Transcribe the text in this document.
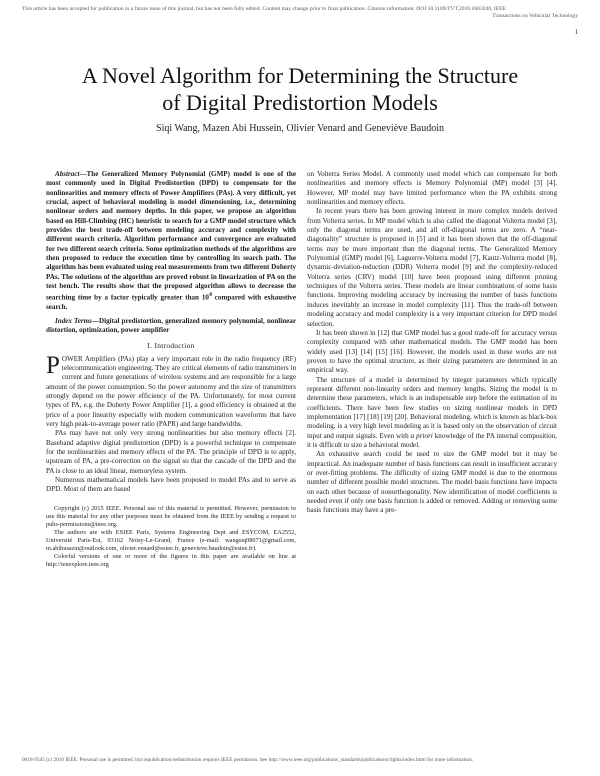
This article has been accepted for publication in a future issue of this journal, but has not been fully edited. Content may change prior to final publication. Citation information: DOI 10.1109/TVT.2016.2603240, IEEE
Transactions on Vehicular Technology
1
A Novel Algorithm for Determining the Structure
of Digital Predistortion Models
Siqi Wang, Mazen Abi Hussein, Olivier Venard and Geneviève Baudoin

Abstract—The Generalized Memory Polynomial (GMP) model is one of the most commonly used in Digital Predistortion (DPD) to compensate for the nonlinearities and memory effects of Power Amplifiers (PAs). A very difficult, yet crucial, aspect of behavioral modeling is model dimensioning, i.e., determining nonlinear orders and memory depths. In this paper, we propose an algorithm based on Hill-Climbing (HC) heuristic to search for a GMP model structure which provides the best trade-off between modeling accuracy and complexity with different search criteria. Algorithm performance and convergence are evaluated for two different search criteria. Some optimization methods of the algorithms are then proposed to reduce the execution time by controlling its search path. The algorithm has been evaluated using real measurements from two different Doherty PAs. The solutions of the algorithm are proved robust in linearization of PA on the test bench. The results show that the proposed algorithm allows to decrease the searching time by a factor typically greater than $10^4$ compared with exhaustive search.

Index Terms—Digital predistortion, generalized memory polynomial, nonlinear distortion, optimization, power amplifier

I. Introduction

POWER Amplifiers (PAs) play a very important role in the radio frequency (RF) telecommunication engineering. They are critical elements of radio transmitters in current and future generations of wireless systems and are responsible for a large amount of the power consumption. So the power autonomy and the size of transmitters strongly depend on the power efficiency of the PA. Unfortunately, for most current types of PA, e.g. the Doherty Power Amplifier [1], a good efficiency is obtained at the price of a poor linearity especially with modern communication waveforms that have very high peak-to-average power ratio (PAPR) and large bandwidths.

PAs may have not only very strong nonlinearities but also memory effects [2]. Baseband adaptive digital predistortion (DPD) is a powerful technique to compensate for the nonlinearities and memory effects of the PA. The principle of DPD is to apply, upstream of PA, a pre-correction on the signal so that the cascade of the DPD and the PA is close to an ideal linear, memoryless system.

Numerous mathematical models have been proposed to model PAs and to serve as DPD. Most of them are based

Copyright (c) 2015 IEEE. Personal use of this material is permitted. However, permission to use this material for any other purposes must be obtained from the IEEE by sending a request to pubs-permissions@ieee.org.

The authors are with ESIEE Paris, Systems Engineering Dept and ESYCOM, EA2552, Université Paris-Est, 93162 Noisy-Le-Grand, France (e-mail: wangsiq08071@gmail.com, m.abihussein@outlook.com, olivier.venard@esiee.fr, genevieve.baudoin@esiee.fr).

Colorful versions of one or more of the figures in this paper are available on line at http://ieeexplore.ieee.org

on Volterra Series Model. A commonly used model which can compensate for both nonlinearities and memory effects is Memory Polynomial (MP) model [3] [4]. However, MP model may have limited performance when the PA exhibits strong nonlinearities and memory effects.

In recent years there has been growing interest in more complex models derived from Volterra series. In MP model which is also called the diagonal Volterra model [3], only the diagonal terms are used, and all off-diagonal terms are zero. A “near-diagonality” structure is proposed in [5] and it has been shown that the off-diagonal terms may be more important than the diagonal terms. The Generalized Memory Polynomial (GMP) model [6], Laguerre-Volterra model [7], Kautz-Volterra model [8], dynamic-deviation-reduction (DDR) Volterra model [9] and the complexity-reduced Volterra series (CRV) model [10] have been proposed using different pruning techniques of the Volterra series. These models are linear combinations of some basis functions. Improving modeling accuracy by increasing the number of basis functions induces inevitably an increase in model complexity [11]. Thus the trade-off between modeling accuracy and model complexity is a very important criterion for DPD model selection.

It has been shown in [12] that GMP model has a good trade-off for accuracy versus complexity compared with other mathematical models. The GMP model has been widely used [13] [14] [15] [16]. However, the models used in these works are not proven to have the optimal structure, as their sizing parameters are determined in an empirical way.

The structure of a model is determined by integer parameters which typically represent different non-linearity orders and memory lengths. Sizing the model is to determine these parameters, which is an indispensable step before the estimation of its coefficients. There have been few studies on sizing nonlinear models in DPD implementation [17] [18] [19] [20]. Behavioral modeling, which is known as black-box modeling, is a very high level modeling as it is based only on the observation of circuit input and output signals. Even with a priori knowledge of the PA internal composition, it is difficult to size a behavioral model.

An exhaustive search could be used to size the GMP model but it may be impractical. An inadequate number of basis functions can result in insufficient accuracy or over-fitting problems. The difficulty of sizing GMP model is due to the enormous number of different possible model structures. The model basis functions have impacts on each other because of nonorthogonality. New identification of model coefficients is needed even if only one basis function is added or removed. Adding or removing some basis functions may have a pre-

0018-9545 (c) 2016 IEEE. Personal use is permitted, but republication/redistribution requires IEEE permission. See http://www.ieee.org/publications_standards/publications/rights/index.html for more information.
